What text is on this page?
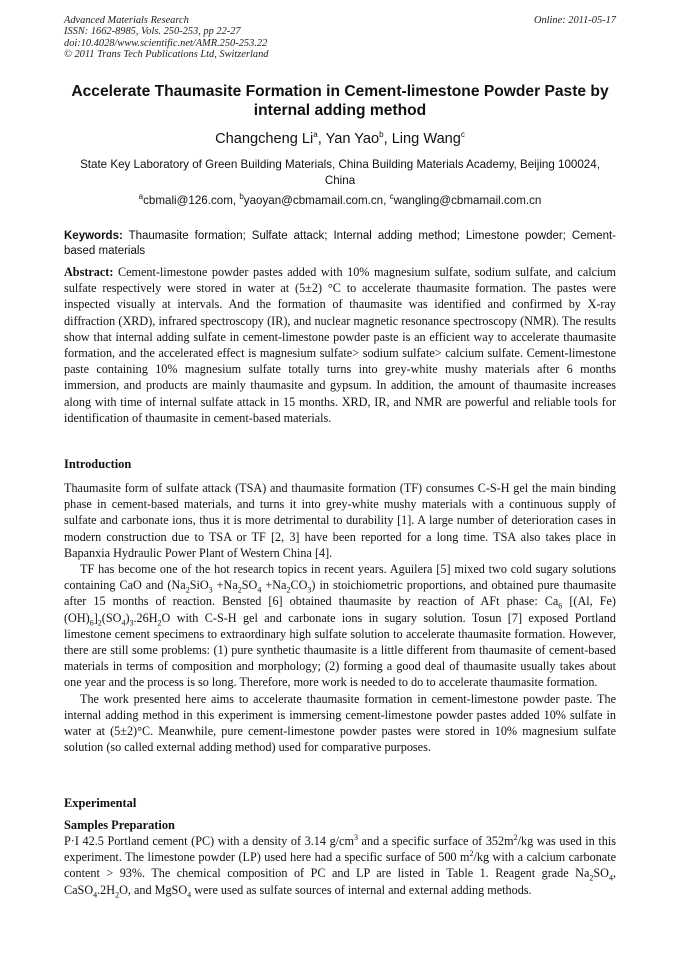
Advanced Materials Research
ISSN: 1662-8985, Vols. 250-253, pp 22-27
doi:10.4028/www.scientific.net/AMR.250-253.22
© 2011 Trans Tech Publications Ltd, Switzerland
Online: 2011-05-17
Accelerate Thaumasite Formation in Cement-limestone Powder Paste by internal adding method
Changcheng Li$^a$, Yan Yao$^b$, Ling Wang$^c$
State Key Laboratory of Green Building Materials, China Building Materials Academy, Beijing 100024, China
$^a$cbmali@126.com, $^b$yaoyan@cbmamail.com.cn, $^c$wangling@cbmamail.com.cn
Keywords: Thaumasite formation; Sulfate attack; Internal adding method; Limestone powder; Cement-based materials
Abstract: Cement-limestone powder pastes added with 10% magnesium sulfate, sodium sulfate, and calcium sulfate respectively were stored in water at (5±2) °C to accelerate thaumasite formation. The pastes were inspected visually at intervals. And the formation of thaumasite was identified and confirmed by X-ray diffraction (XRD), infrared spectroscopy (IR), and nuclear magnetic resonance spectroscopy (NMR). The results show that internal adding sulfate in cement-limestone powder paste is an efficient way to accelerate thaumasite formation, and the accelerated effect is magnesium sulfate> sodium sulfate> calcium sulfate. Cement-limestone paste containing 10% magnesium sulfate totally turns into grey-white mushy materials after 6 months immersion, and products are mainly thaumasite and gypsum. In addition, the amount of thaumasite increases along with time of internal sulfate attack in 15 months. XRD, IR, and NMR are powerful and reliable tools for identification of thaumasite in cement-based materials.
Introduction
Thaumasite form of sulfate attack (TSA) and thaumasite formation (TF) consumes C-S-H gel the main binding phase in cement-based materials, and turns it into grey-white mushy materials with a continuous supply of sulfate and carbonate ions, thus it is more detrimental to durability [1]. A large number of deterioration cases in modern construction due to TSA or TF [2, 3] have been reported for a long time. TSA also takes place in Bapanxia Hydraulic Power Plant of Western China [4].
TF has become one of the hot research topics in recent years. Aguilera [5] mixed two cold sugary solutions containing CaO and $(Na_2SiO_3 +Na_2SO_4 +Na_2CO_3)$ in stoichiometric proportions, and obtained pure thaumasite after 15 months of reaction. Bensted [6] obtained thaumasite by reaction of AFt phase: $Ca_6$ [(Al, $Fe)(OH)_6]_2(SO_4)_3.26H_2O$ with C-S-H gel and carbonate ions in sugary solution. Tosun [7] exposed Portland limestone cement specimens to extraordinary high sulfate solution to accelerate thaumasite formation. However, there are still some problems: (1) pure synthetic thaumasite is a little different from thaumasite of cement-based materials in terms of composition and morphology; (2) forming a good deal of thaumasite usually takes about one year and the process is so long. Therefore, more work is needed to do to accelerate thaumasite formation.
The work presented here aims to accelerate thaumasite formation in cement-limestone powder paste. The internal adding method in this experiment is immersing cement-limestone powder pastes added 10% sulfate in water at (5±2)°C. Meanwhile, pure cement-limestone powder pastes were stored in 10% magnesium sulfate solution (so called external adding method) used for comparative purposes.
Experimental
Samples Preparation
P·I 42.5 Portland cement (PC) with a density of 3.14 $g/cm^3$ and a specific surface of $352m^2/kg$ was used in this experiment. The limestone powder (LP) used here had a specific surface of 500 $m^2/kg$ with a calcium carbonate content > 93%. The chemical composition of PC and LP are listed in Table 1. Reagent grade $Na_2SO_4$, $CaSO_4.2H_2O$, and MgSO$_4$ were used as sulfate sources of internal and external adding methods.
